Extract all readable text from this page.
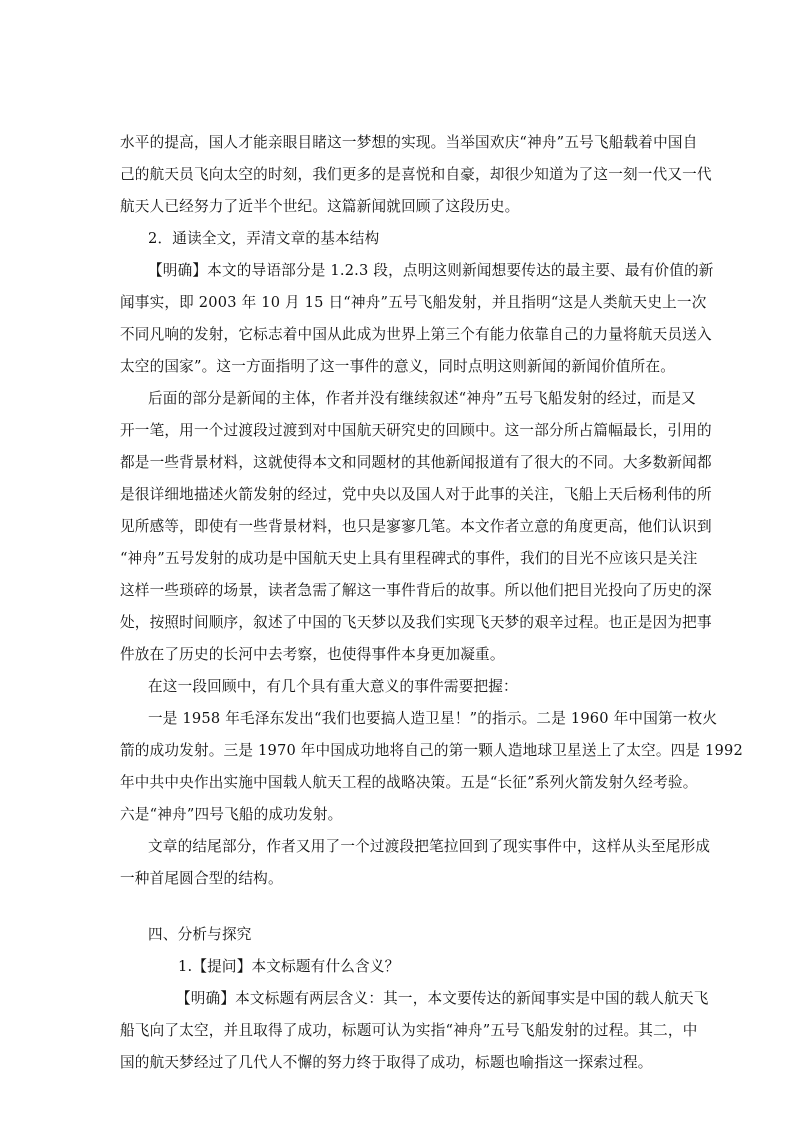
水平的提高，国人才能亲眼目睹这一梦想的实现。当举国欢庆“神舟”五号飞船载着中国自
己的航天员飞向太空的时刻，我们更多的是喜悦和自豪，却很少知道为了这一刻一代又一代
航天人已经努力了近半个世纪。这篇新闻就回顾了这段历史。
2．通读全文，弄清文章的基本结构
【明确】本文的导语部分是 1.2.3 段，点明这则新闻想要传达的最主要、最有价值的新
闻事实，即 2003 年 10 月 15 日“神舟”五号飞船发射，并且指明“这是人类航天史上一次
不同凡响的发射，它标志着中国从此成为世界上第三个有能力依靠自己的力量将航天员送入
太空的国家”。这一方面指明了这一事件的意义，同时点明这则新闻的新闻价值所在。
后面的部分是新闻的主体，作者并没有继续叙述“神舟”五号飞船发射的经过，而是又
开一笔，用一个过渡段过渡到对中国航天研究史的回顾中。这一部分所占篇幅最长，引用的
都是一些背景材料，这就使得本文和同题材的其他新闻报道有了很大的不同。大多数新闻都
是很详细地描述火箭发射的经过，党中央以及国人对于此事的关注，飞船上天后杨利伟的所
见所感等，即使有一些背景材料，也只是寥寥几笔。本文作者立意的角度更高，他们认识到
“神舟”五号发射的成功是中国航天史上具有里程碑式的事件，我们的目光不应该只是关注
这样一些琐碎的场景，读者急需了解这一事件背后的故事。所以他们把目光投向了历史的深
处，按照时间顺序，叙述了中国的飞天梦以及我们实现飞天梦的艰辛过程。也正是因为把事
件放在了历史的长河中去考察，也使得事件本身更加凝重。
在这一段回顾中，有几个具有重大意义的事件需要把握：
一是 1958 年毛泽东发出“我们也要搞人造卫星！”的指示。二是 1960 年中国第一枚火
箭的成功发射。三是 1970 年中国成功地将自己的第一颗人造地球卫星送上了太空。四是 1992
年中共中央作出实施中国载人航天工程的战略决策。五是“长征”系列火箭发射久经考验。
六是“神舟”四号飞船的成功发射。
文章的结尾部分，作者又用了一个过渡段把笔拉回到了现实事件中，这样从头至尾形成
一种首尾圆合型的结构。
四、分析与探究
1.【提问】本文标题有什么含义？
【明确】本文标题有两层含义：其一，本文要传达的新闻事实是中国的载人航天飞
船飞向了太空，并且取得了成功，标题可认为实指“神舟”五号飞船发射的过程。其二，中
国的航天梦经过了几代人不懈的努力终于取得了成功，标题也喻指这一探索过程。
